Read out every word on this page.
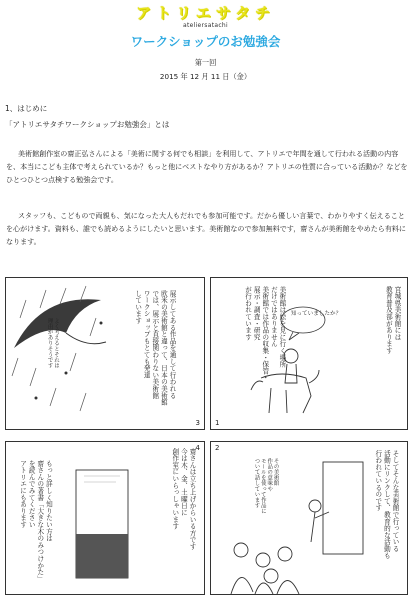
アトリエサタチ
ateliersatachi
ワークショップのお勉強会
第一回
2015 年 12 月 11 日（金）
1、はじめに
「アトリエサタチワークショップお勉強会」とは

美術館創作室の齋正弘さんによる「美術に関する何でも相談」を利用して、アトリエで年間を通して行われる活動の内容を、本当にこども主体で考えられているか？もっと他にベストなやり方があるか？アトリエの性質に合っている活動か？などをひとつひとつ点検する勉強会です。

スタッフも、こどもので両親も、気になった大人もだれでも参加可能です。だから優しい言葉で、わかりやすく伝えることを心がけます。資料も、誰でも読めるようにしたいと思います。美術館なので参加無料です，齋さんが美術館をやめたら有料になります。

よく考えるとそれは
理由がありそうです	展示してある作品を通して行われる
欧米の美術館と違って、日本の美術館
では、展示と直接関わりない美術館
ワークショップもとても発達
しています
3
知っていましたか？
美術館は絵を見に行く場所
だけではありません
美術館では作品の収集・保管・
展示・調査・研究
が行われています	宮城県美術館には
教育普及部があります
1
もっと詳しく知りたい方は
齋さんの著書「大きな木のみつけかた」
を読んでみてください
アトリエにもあります	齋さんは立ち上げからいる方です
今は木、金、土曜日に
創作室にいらっしゃいます	4
その美術館
作品の意味や
モールを使って作品に
ついて話しています	そしてそんな美術館で行っている
活動にリンクして、教育的な活動も
行われているのです
2
